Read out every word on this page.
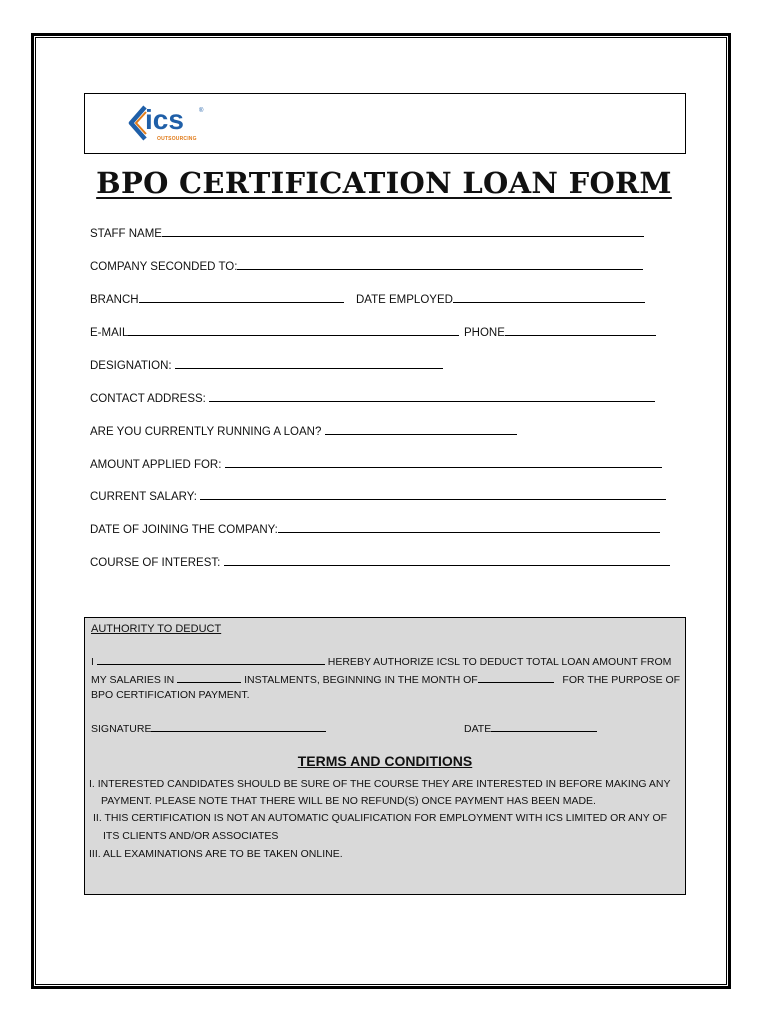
ics	®
OUTSOURCING
BPO CERTIFICATION LOAN FORM
STAFF NAME
COMPANY SECONDED TO:
BRANCH	DATE EMPLOYED
E-MAIL	PHONE
DESIGNATION:
CONTACT ADDRESS:
ARE YOU CURRENTLY RUNNING A LOAN?
AMOUNT APPLIED FOR:
CURRENT SALARY:
DATE OF JOINING THE COMPANY:
COURSE OF INTEREST:
AUTHORITY TO DEDUCT
I	HEREBY AUTHORIZE ICSL TO DEDUCT TOTAL LOAN AMOUNT FROM
MY SALARIES IN	INSTALMENTS, BEGINNING IN THE MONTH OF	FOR THE PURPOSE OF
BPO CERTIFICATION PAYMENT.
SIGNATURE	DATE
TERMS AND CONDITIONS
I. INTERESTED CANDIDATES SHOULD BE SURE OF THE COURSE THEY ARE INTERESTED IN BEFORE MAKING ANY
PAYMENT. PLEASE NOTE THAT THERE WILL BE NO REFUND(S) ONCE PAYMENT HAS BEEN MADE.
II. THIS CERTIFICATION IS NOT AN AUTOMATIC QUALIFICATION FOR EMPLOYMENT WITH ICS LIMITED OR ANY OF
ITS CLIENTS AND/OR ASSOCIATES
III. ALL EXAMINATIONS ARE TO BE TAKEN ONLINE.
